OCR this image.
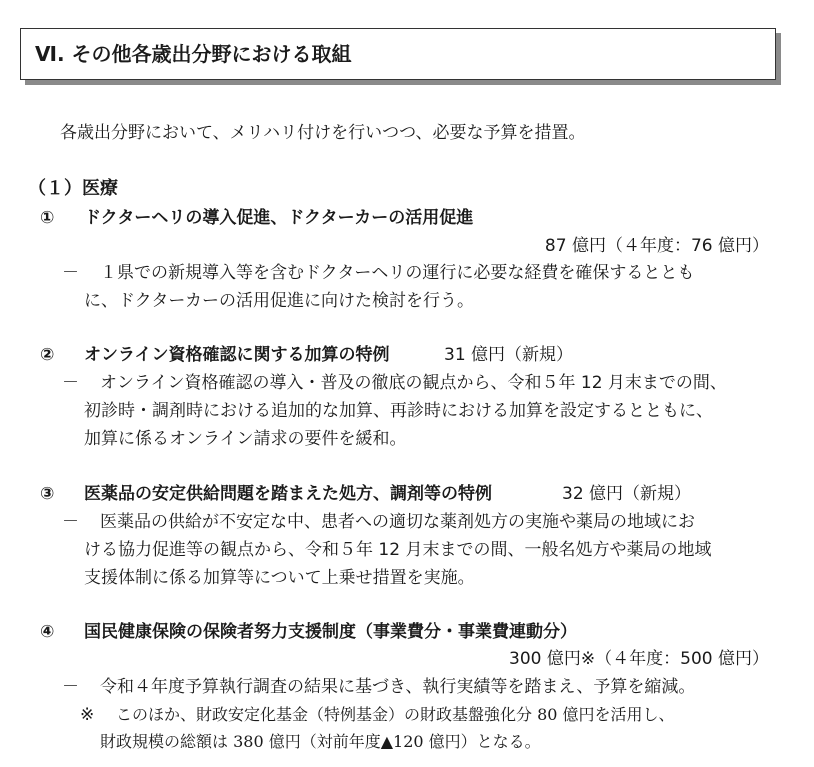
Ⅵ. その他各歳出分野における取組
各歳出分野において、メリハリ付けを行いつつ、必要な予算を措置。
（１）医療
① ドクターヘリの導入促進、ドクターカーの活用促進
87 億円（４年度：76 億円）
－ １県での新規導入等を含むドクターヘリの運行に必要な経費を確保するととも
に、ドクターカーの活用促進に向けた検討を行う。
② オンライン資格確認に関する加算の特例	31 億円（新規）
－ オンライン資格確認の導入・普及の徹底の観点から、令和５年 12 月末までの間、
初診時・調剤時における追加的な加算、再診時における加算を設定するとともに、
加算に係るオンライン請求の要件を緩和。
③ 医薬品の安定供給問題を踏まえた処方、調剤等の特例	32 億円（新規）
－ 医薬品の供給が不安定な中、患者への適切な薬剤処方の実施や薬局の地域にお
ける協力促進等の観点から、令和５年 12 月末までの間、一般名処方や薬局の地域
支援体制に係る加算等について上乗せ措置を実施。
④ 国民健康保険の保険者努力支援制度（事業費分・事業費連動分）
300 億円※（４年度：500 億円）
－ 令和４年度予算執行調査の結果に基づき、執行実績等を踏まえ、予算を縮減。
※ このほか、財政安定化基金（特例基金）の財政基盤強化分 80 億円を活用し、
財政規模の総額は 380 億円（対前年度▲120 億円）となる。
